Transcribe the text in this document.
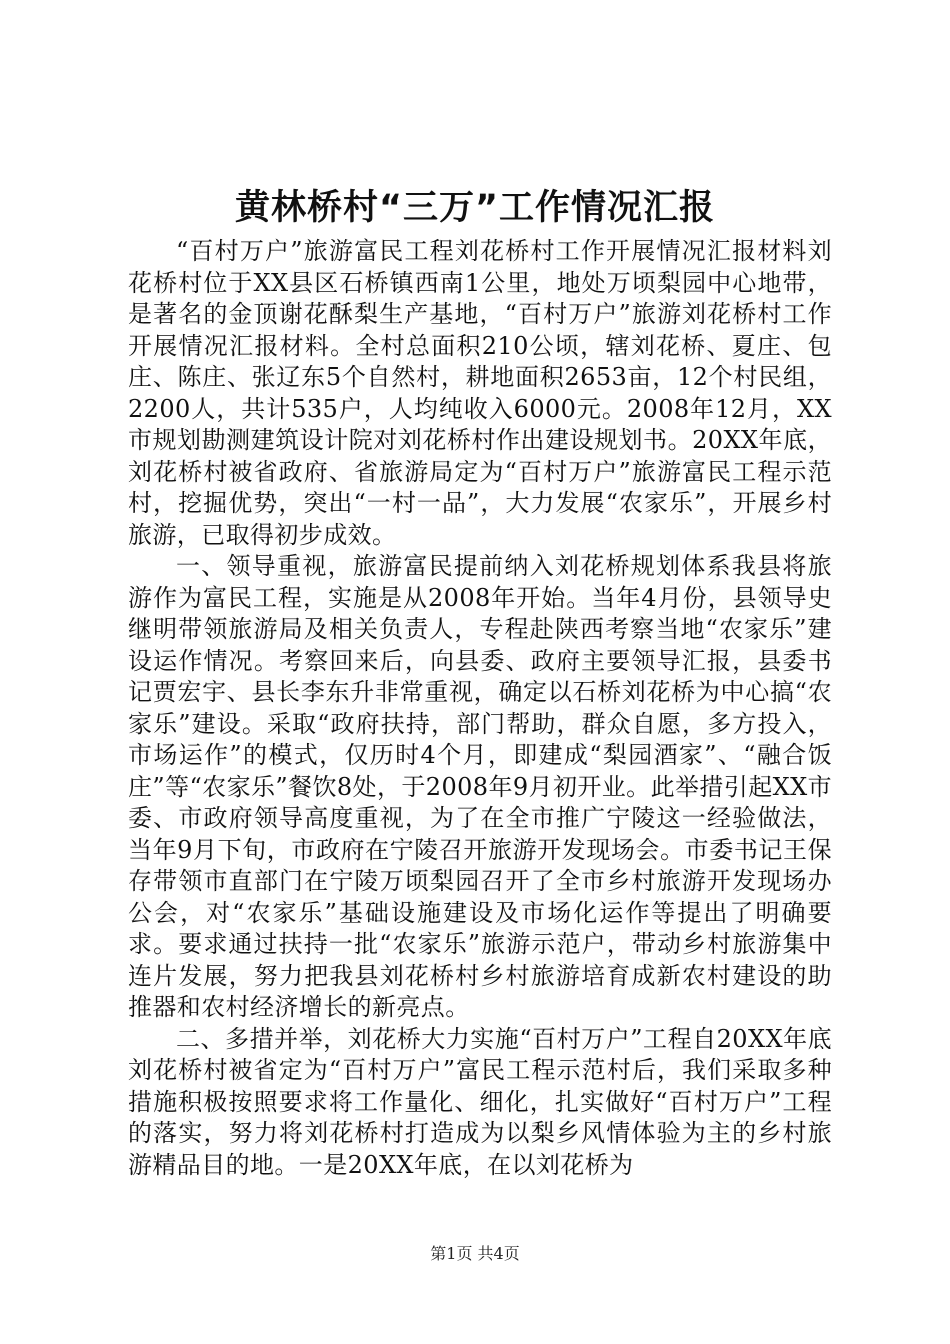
黄林桥村“三万”工作情况汇报

“百村万户”旅游富民工程刘花桥村工作开展情况汇报材料刘花桥村位于XX县区石桥镇西南1公里，地处万顷梨园中心地带，是著名的金顶谢花酥梨生产基地，“百村万户”旅游刘花桥村工作开展情况汇报材料。全村总面积210公顷，辖刘花桥、夏庄、包庄、陈庄、张辽东5个自然村，耕地面积2653亩，12个村民组，2200人，共计535户，人均纯收入6000元。2008年12月，XX市规划勘测建筑设计院对刘花桥村作出建设规划书。20XX年底，刘花桥村被省政府、省旅游局定为“百村万户”旅游富民工程示范村，挖掘优势，突出“一村一品”，大力发展“农家乐”，开展乡村旅游，已取得初步成效。

一、领导重视，旅游富民提前纳入刘花桥规划体系我县将旅游作为富民工程，实施是从2008年开始。当年4月份，县领导史继明带领旅游局及相关负责人，专程赴陕西考察当地“农家乐”建设运作情况。考察回来后，向县委、政府主要领导汇报，县委书记贾宏宇、县长李东升非常重视，确定以石桥刘花桥为中心搞“农家乐”建设。采取“政府扶持，部门帮助，群众自愿，多方投入，市场运作”的模式，仅历时4个月，即建成“梨园酒家”、“融合饭庄”等“农家乐”餐饮8处，于2008年9月初开业。此举措引起XX市委、市政府领导高度重视，为了在全市推广宁陵这一经验做法，当年9月下旬，市政府在宁陵召开旅游开发现场会。市委书记王保存带领市直部门在宁陵万顷梨园召开了全市乡村旅游开发现场办公会，对“农家乐”基础设施建设及市场化运作等提出了明确要求。要求通过扶持一批“农家乐”旅游示范户，带动乡村旅游集中连片发展，努力把我县刘花桥村乡村旅游培育成新农村建设的助推器和农村经济增长的新亮点。

二、多措并举，刘花桥大力实施“百村万户”工程自20XX年底刘花桥村被省定为“百村万户”富民工程示范村后，我们采取多种措施积极按照要求将工作量化、细化，扎实做好“百村万户”工程的落实，努力将刘花桥村打造成为以梨乡风情体验为主的乡村旅游精品目的地。一是20XX年底，在以刘花桥为

第1页 共4页
